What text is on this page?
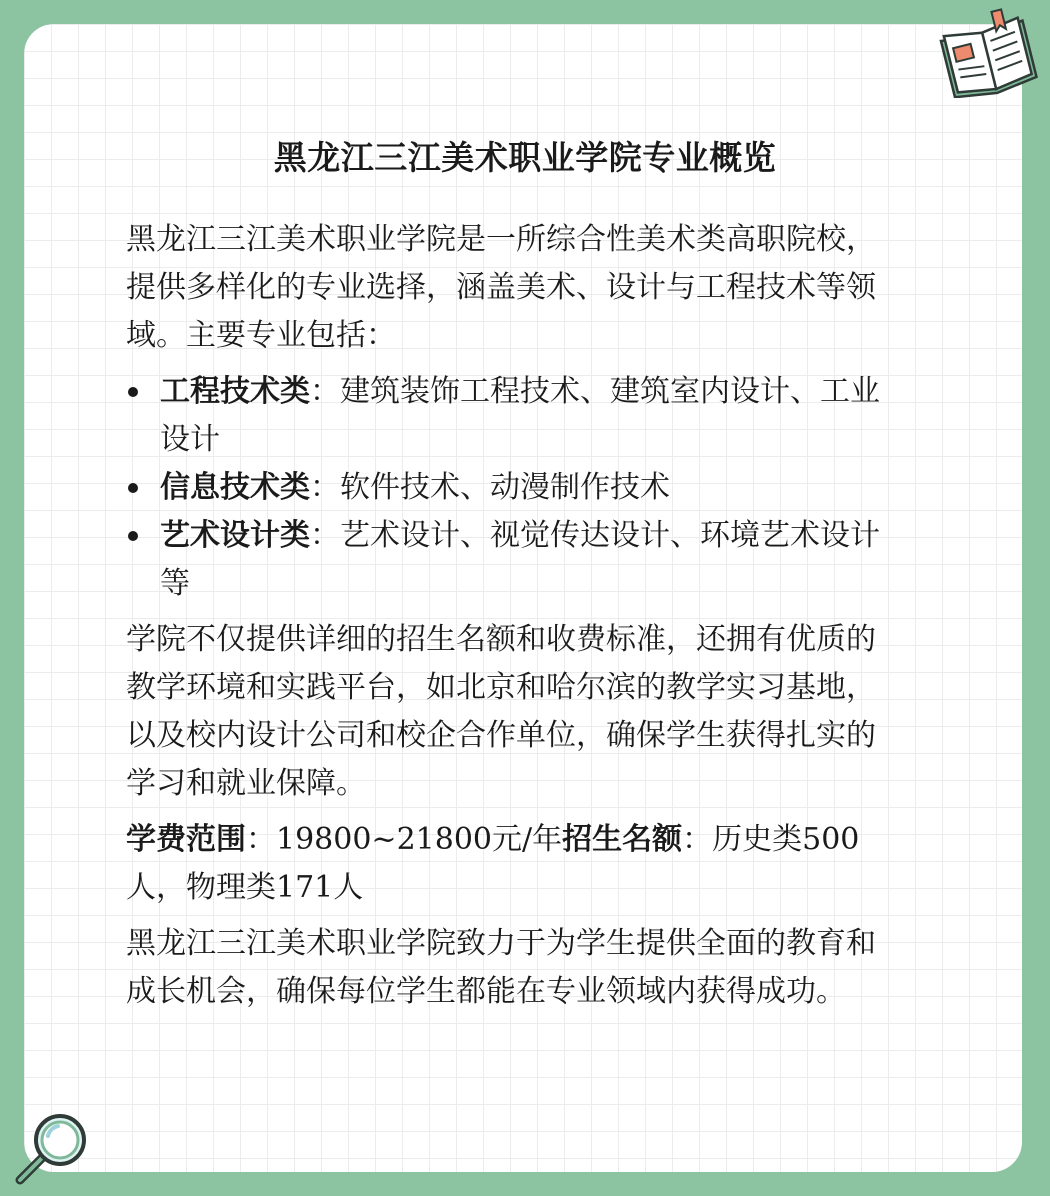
黑龙江三江美术职业学院专业概览

黑龙江三江美术职业学院是一所综合性美术类高职院校，提供多样化的专业选择，涵盖美术、设计与工程技术等领域。主要专业包括：

工程技术类：建筑装饰工程技术、建筑室内设计、工业设计
信息技术类：软件技术、动漫制作技术
艺术设计类：艺术设计、视觉传达设计、环境艺术设计等

学院不仅提供详细的招生名额和收费标准，还拥有优质的教学环境和实践平台，如北京和哈尔滨的教学实习基地，以及校内设计公司和校企合作单位，确保学生获得扎实的学习和就业保障。

学费范围：19800~21800元/年招生名额：历史类500人，物理类171人

黑龙江三江美术职业学院致力于为学生提供全面的教育和成长机会，确保每位学生都能在专业领域内获得成功。
